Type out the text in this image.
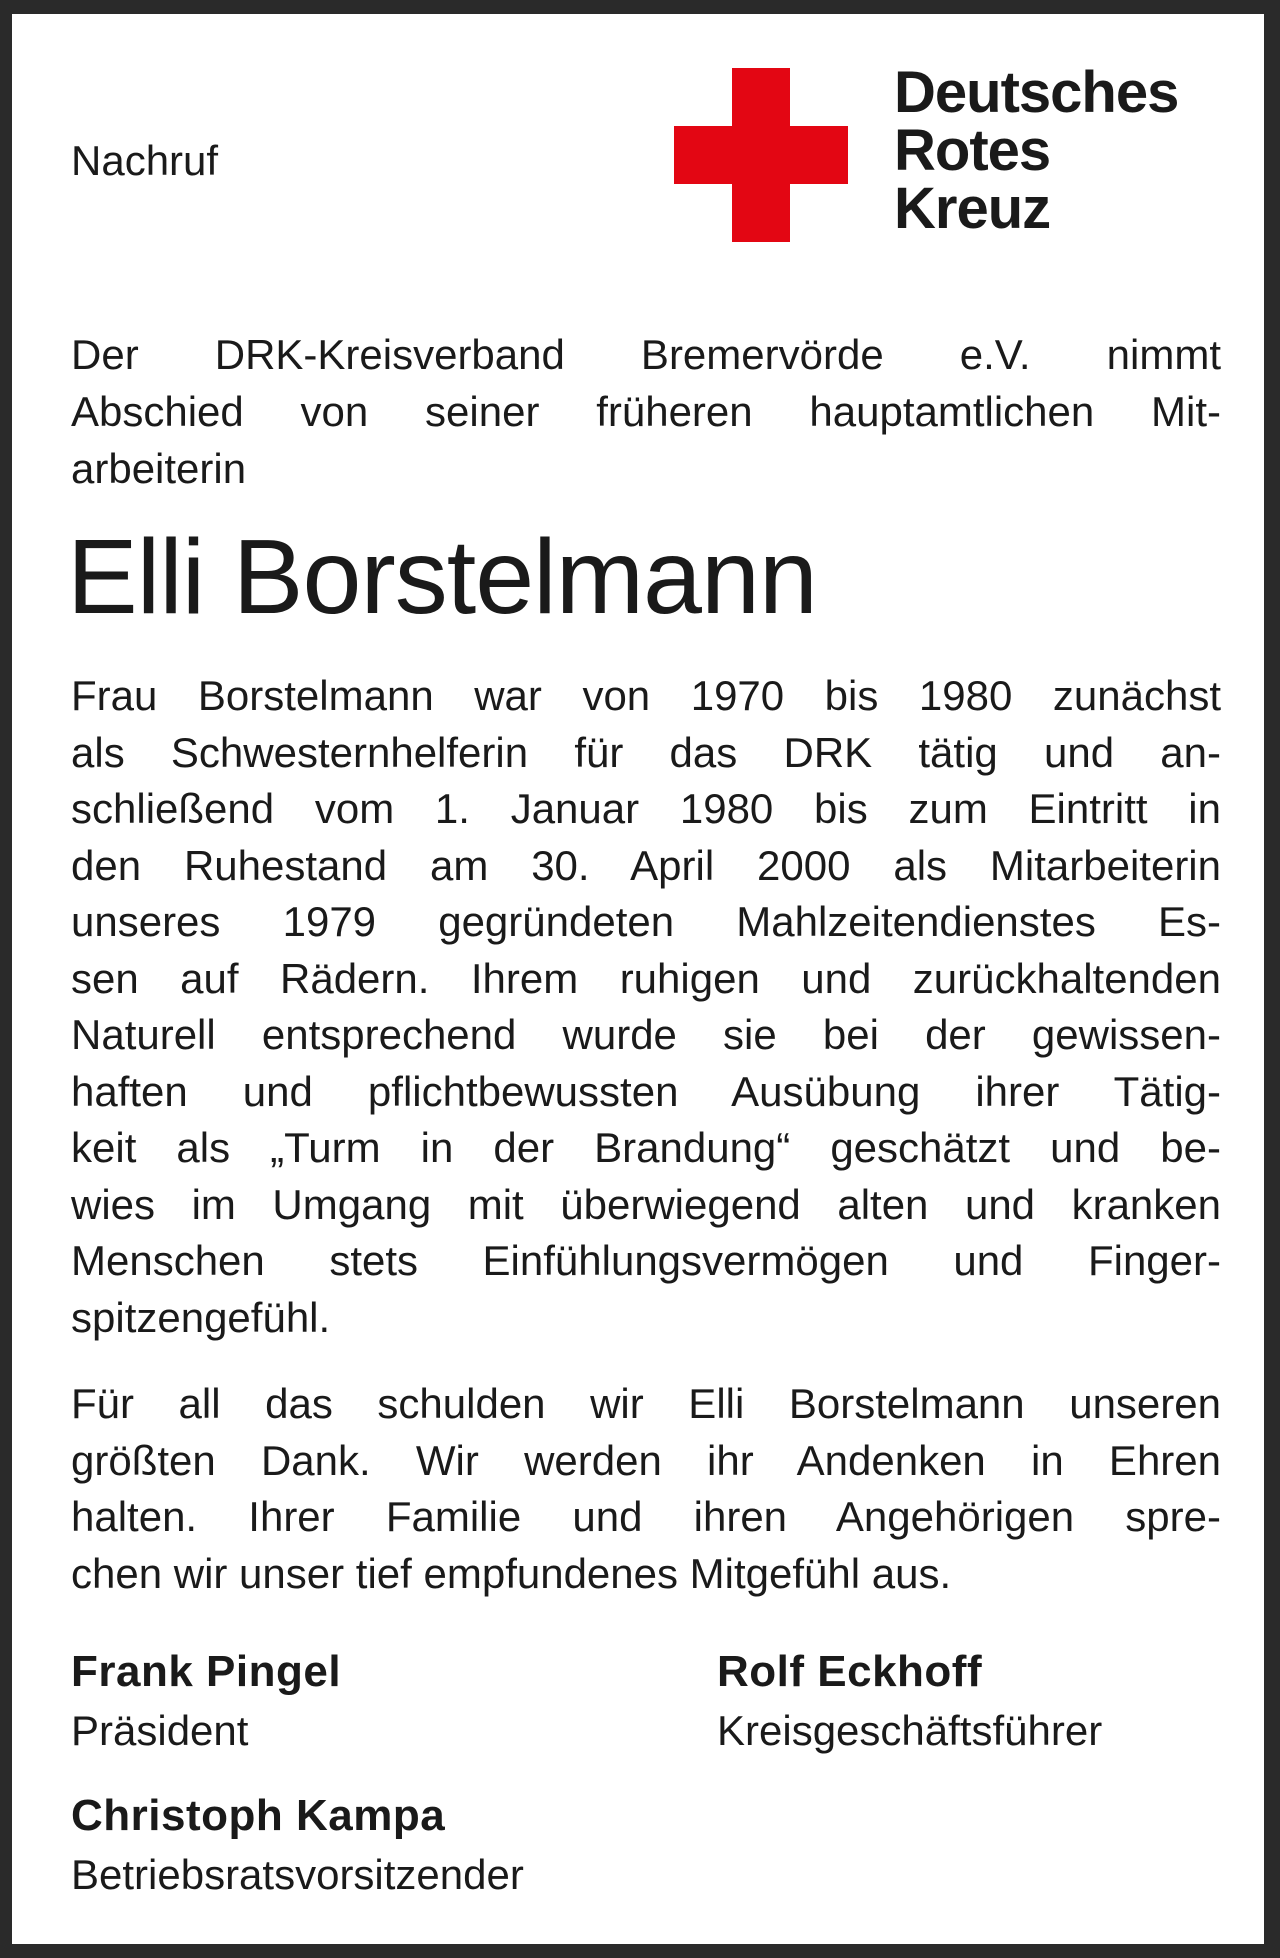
Nachruf
Deutsches
Rotes
Kreuz
Der DRK-Kreisverband Bremervörde e.V. nimmt
Abschied von seiner früheren hauptamtlichen Mit-
arbeiterin
Elli Borstelmann
Frau Borstelmann war von 1970 bis 1980 zunächst
als Schwesternhelferin für das DRK tätig und an-
schließend vom 1. Januar 1980 bis zum Eintritt in
den Ruhestand am 30. April 2000 als Mitarbeiterin
unseres 1979 gegründeten Mahlzeitendienstes Es-
sen auf Rädern. Ihrem ruhigen und zurückhaltenden
Naturell entsprechend wurde sie bei der gewissen-
haften und pflichtbewussten Ausübung ihrer Tätig-
keit als „Turm in der Brandung“ geschätzt und be-
wies im Umgang mit überwiegend alten und kranken
Menschen stets Einfühlungsvermögen und Finger-
spitzengefühl.
Für all das schulden wir Elli Borstelmann unseren
größten Dank. Wir werden ihr Andenken in Ehren
halten. Ihrer Familie und ihren Angehörigen spre-
chen wir unser tief empfundenes Mitgefühl aus.
Frank Pingel
Präsident
Rolf Eckhoff
Kreisgeschäftsführer
Christoph Kampa
Betriebsratsvorsitzender
